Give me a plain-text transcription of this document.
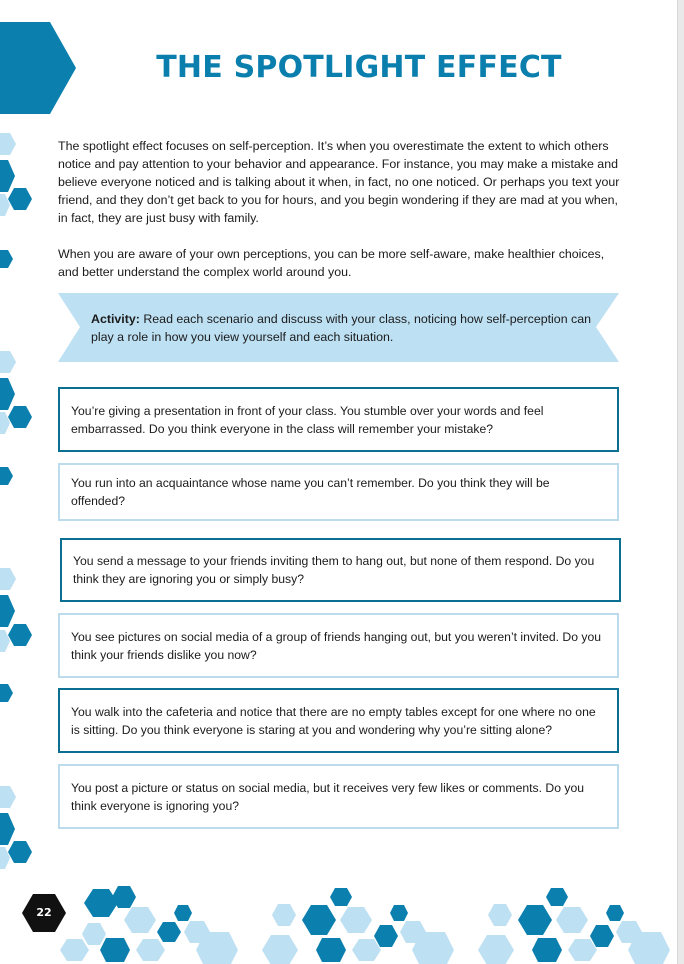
THE SPOTLIGHT EFFECT

The spotlight effect focuses on self-perception. It’s when you overestimate the extent to which others notice and pay attention to your behavior and appearance. For instance, you may make a mistake and believe everyone noticed and is talking about it when, in fact, no one noticed. Or perhaps you text your friend, and they don’t get back to you for hours, and you begin wondering if they are mad at you when, in fact, they are just busy with family.

When you are aware of your own perceptions, you can be more self-aware, make healthier choices, and better understand the complex world around you.

Activity: Read each scenario and discuss with your class, noticing how self-perception can play a role in how you view yourself and each situation.
You’re giving a presentation in front of your class. You stumble over your words and feel embarrassed. Do you think everyone in the class will remember your mistake?
You run into an acquaintance whose name you can’t remember. Do you think they will be offended?
You send a message to your friends inviting them to hang out, but none of them respond. Do you think they are ignoring you or simply busy?
You see pictures on social media of a group of friends hanging out, but you weren’t invited. Do you think your friends dislike you now?
You walk into the cafeteria and notice that there are no empty tables except for one where no one is sitting. Do you think everyone is staring at you and wondering why you’re sitting alone?
You post a picture or status on social media, but it receives very few likes or comments. Do you think everyone is ignoring you?
22
